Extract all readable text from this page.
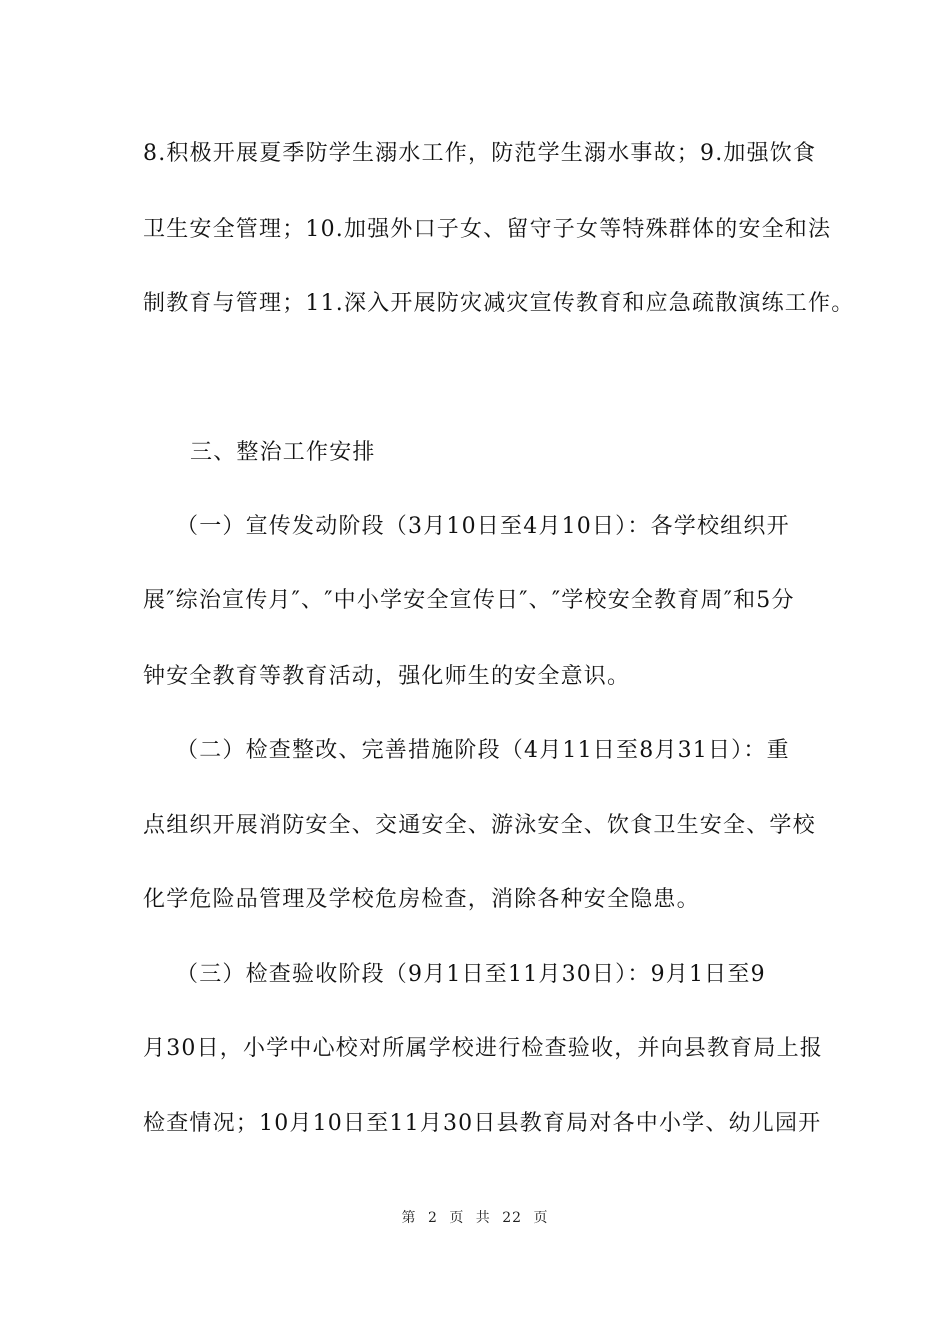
8.积极开展夏季防学生溺水工作，防范学生溺水事故；9.加强饮食
卫生安全管理；10.加强外口子女、留守子女等特殊群体的安全和法
制教育与管理；11.深入开展防灾减灾宣传教育和应急疏散演练工作。
三、整治工作安排
（一）宣传发动阶段（3月10日至4月10日）：各学校组织开
展″综治宣传月″、″中小学安全宣传日″、″学校安全教育周″和5分
钟安全教育等教育活动，强化师生的安全意识。
（二）检查整改、完善措施阶段（4月11日至8月31日）：重
点组织开展消防安全、交通安全、游泳安全、饮食卫生安全、学校
化学危险品管理及学校危房检查，消除各种安全隐患。
（三）检查验收阶段（9月1日至11月30日）：9月1日至9
月30日，小学中心校对所属学校进行检查验收，并向县教育局上报
检查情况；10月10日至11月30日县教育局对各中小学、幼儿园开
第 2 页 共 22 页
